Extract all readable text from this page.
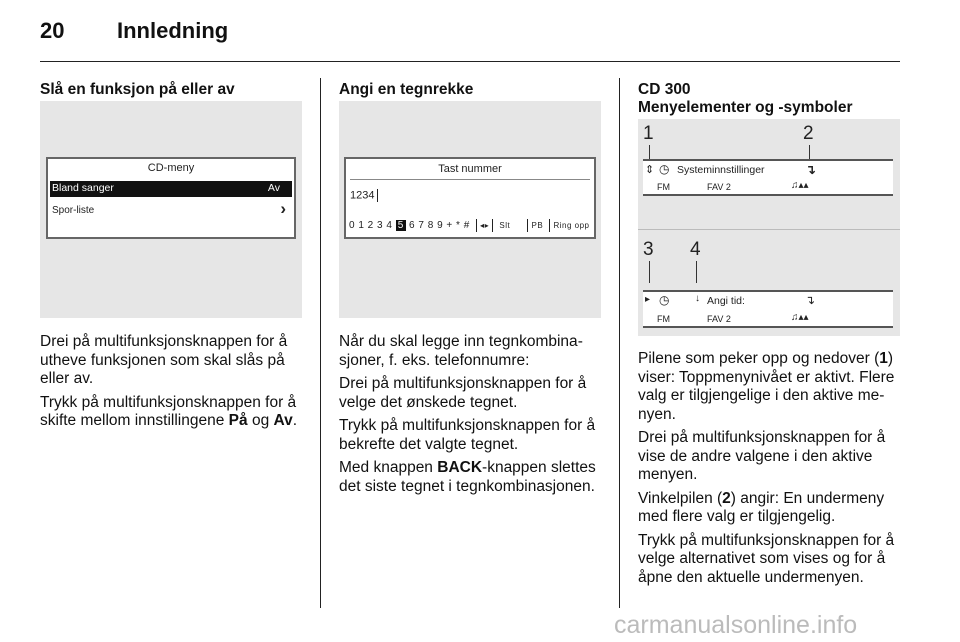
20 Innledning
Slå en funksjon på eller av
CD-meny
Bland sanger	Av
Spor-liste	›

Drei på multifunksjonsknappen for å utheve funksjonen som skal slås på eller av.

Trykk på multifunksjonsknappen for å skifte mellom innstillingene På og Av.

Angi en tegnrekke
Tast nummer
1234
0 1 2 3 4 5 6 7 8 9 + * # ◂▸ Slt	PB Ring opp

Når du skal legge inn tegnkombinasjoner, f. eks. telefonnumre:

Drei på multifunksjonsknappen for å velge det ønskede tegnet.

Trykk på multifunksjonsknappen for å bekrefte det valgte tegnet.

Med knappen BACK-knappen slettes det siste tegnet i tegnkombinasjonen.

CD 300
Menyelementer og -symboler
1	2
⇕ ◷ Systeminnstillinger	↴
FM	FAV 2	♫▴▴
3 4
▸ ◷	↓ Angi tid:	↴
FM	FAV 2	♫▴▴

Pilene som peker opp og nedover (1) viser: Toppmenynivået er aktivt. Flere valg er tilgjengelige i den aktive menyen.

Drei på multifunksjonsknappen for å vise de andre valgene i den aktive menyen.

Vinkelpilen (2) angir: En undermeny med flere valg er tilgjengelig.

Trykk på multifunksjonsknappen for å velge alternativet som vises og for å åpne den aktuelle undermenyen.

carmanualsonline.info
